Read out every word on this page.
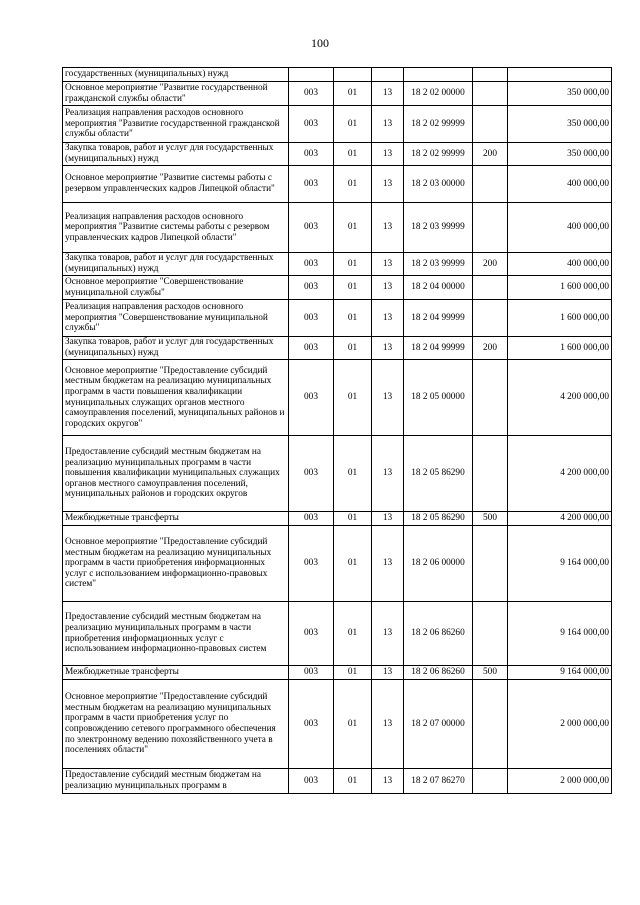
100
государственных (муниципальных) нужд						
Основное мероприятие "Развитие государственной гражданской службы области"	003	01	13	18 2 02 00000		350 000,00
Реализация направления расходов основного мероприятия "Развитие государственной гражданской службы области"	003	01	13	18 2 02 99999		350 000,00
Закупка товаров, работ и услуг для государственных (муниципальных) нужд	003	01	13	18 2 02 99999	200	350 000,00
Основное мероприятие "Развитие системы работы с резервом управленческих кадров Липецкой области"	003	01	13	18 2 03 00000		400 000,00
Реализация направления расходов основного мероприятия "Развитие системы работы с резервом управленческих кадров Липецкой области"	003	01	13	18 2 03 99999		400 000,00
Закупка товаров, работ и услуг для государственных (муниципальных) нужд	003	01	13	18 2 03 99999	200	400 000,00
Основное мероприятие "Совершенствование муниципальной службы"	003	01	13	18 2 04 00000		1 600 000,00
Реализация направления расходов основного мероприятия "Совершенствование муниципальной службы"	003	01	13	18 2 04 99999		1 600 000,00
Закупка товаров, работ и услуг для государственных (муниципальных) нужд	003	01	13	18 2 04 99999	200	1 600 000,00
Основное мероприятие "Предоставление субсидий местным бюджетам на реализацию муниципальных программ в части повышения квалификации муниципальных служащих органов местного самоуправления поселений, муниципальных районов и городских округов"	003	01	13	18 2 05 00000		4 200 000,00
Предоставление субсидий местным бюджетам на реализацию муниципальных программ в части повышения квалификации муниципальных служащих органов местного самоуправления поселений, муниципальных районов и городских округов	003	01	13	18 2 05 86290		4 200 000,00
Межбюджетные трансферты	003	01	13	18 2 05 86290	500	4 200 000,00
Основное мероприятие "Предоставление субсидий местным бюджетам на реализацию муниципальных программ в части приобретения информационных услуг с использованием информационно-правовых систем"	003	01	13	18 2 06 00000		9 164 000,00
Предоставление субсидий местным бюджетам на реализацию муниципальных программ в части приобретения информационных услуг с использованием информационно-правовых систем	003	01	13	18 2 06 86260		9 164 000,00
Межбюджетные трансферты	003	01	13	18 2 06 86260	500	9 164 000,00
Основное мероприятие "Предоставление субсидий местным бюджетам на реализацию муниципальных программ в части приобретения услуг по сопровождению сетевого программного обеспечения по электронному ведению похозяйственного учета в поселениях области"	003	01	13	18 2 07 00000		2 000 000,00
Предоставление субсидий местным бюджетам на реализацию муниципальных программ в	003	01	13	18 2 07 86270		2 000 000,00
